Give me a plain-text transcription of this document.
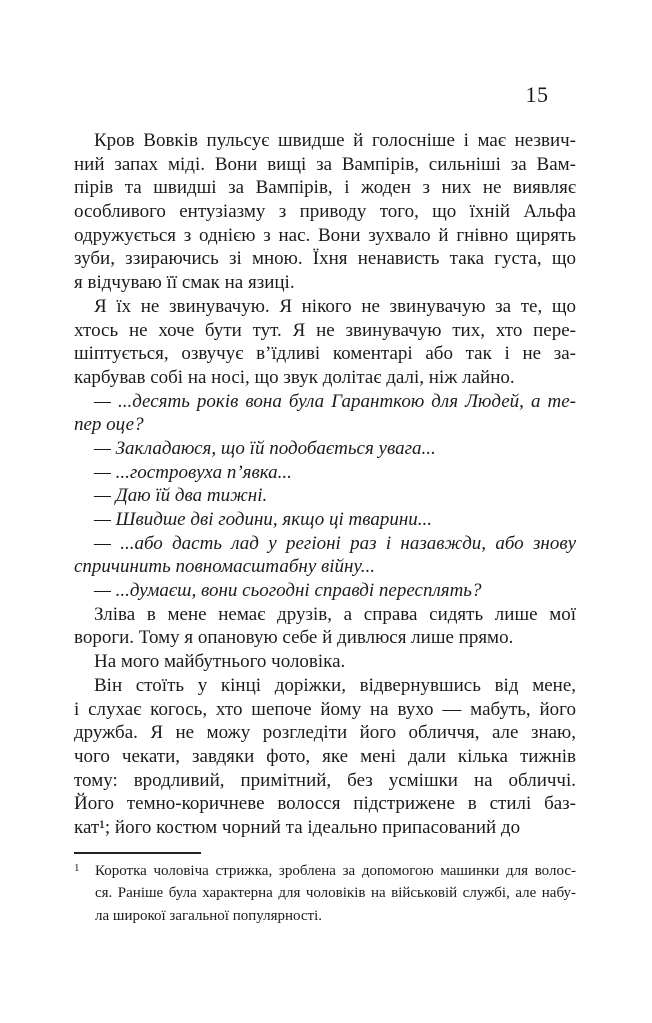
15
Кров Вовків пульсує швидше й голосніше і має незвич-
ний запах міді. Вони вищі за Вампірів, сильніші за Вам-
пірів та швидші за Вампірів, і жоден з них не виявляє
особливого ентузіазму з приводу того, що їхній Альфа
одружується з однією з нас. Вони зухвало й гнівно щирять
зуби, ззираючись зі мною. Їхня ненависть така густа, що
я відчуваю її смак на язиці.
Я їх не звинувачую. Я нікого не звинувачую за те, що
хтось не хоче бути тут. Я не звинувачую тих, хто пере-
шіптується, озвучує в’їдливі коментарі або так і не за-
карбував собі на носі, що звук долітає далі, ніж лайно.
— ...десять років вона була Гаранткою для Людей, а те-
пер оце?
— Закладаюся, що їй подобається увага...
— ...гостровуха п’явка...
— Даю їй два тижні.
— Швидше дві години, якщо ці тварини...
— ...або дасть лад у регіоні раз і назавжди, або знову
спричинить повномасштабну війну...
— ...думаєш, вони сьогодні справді пересплять?
Зліва в мене немає друзів, а справа сидять лише мої
вороги. Тому я опановую себе й дивлюся лише прямо.
На мого майбутнього чоловіка.
Він стоїть у кінці доріжки, відвернувшись від мене,
і слухає когось, хто шепоче йому на вухо — мабуть, його
дружба. Я не можу розгледіти його обличчя, але знаю,
чого чекати, завдяки фото, яке мені дали кілька тижнів
тому: вродливий, примітний, без усмішки на обличчі.
Його темно-коричневе волосся підстрижене в стилі баз-
кат¹; його костюм чорний та ідеально припасований до
1 Коротка чоловіча стрижка, зроблена за допомогою машинки для волос-
ся. Раніше була характерна для чоловіків на військовій службі, але набу-
ла широкої загальної популярності.
